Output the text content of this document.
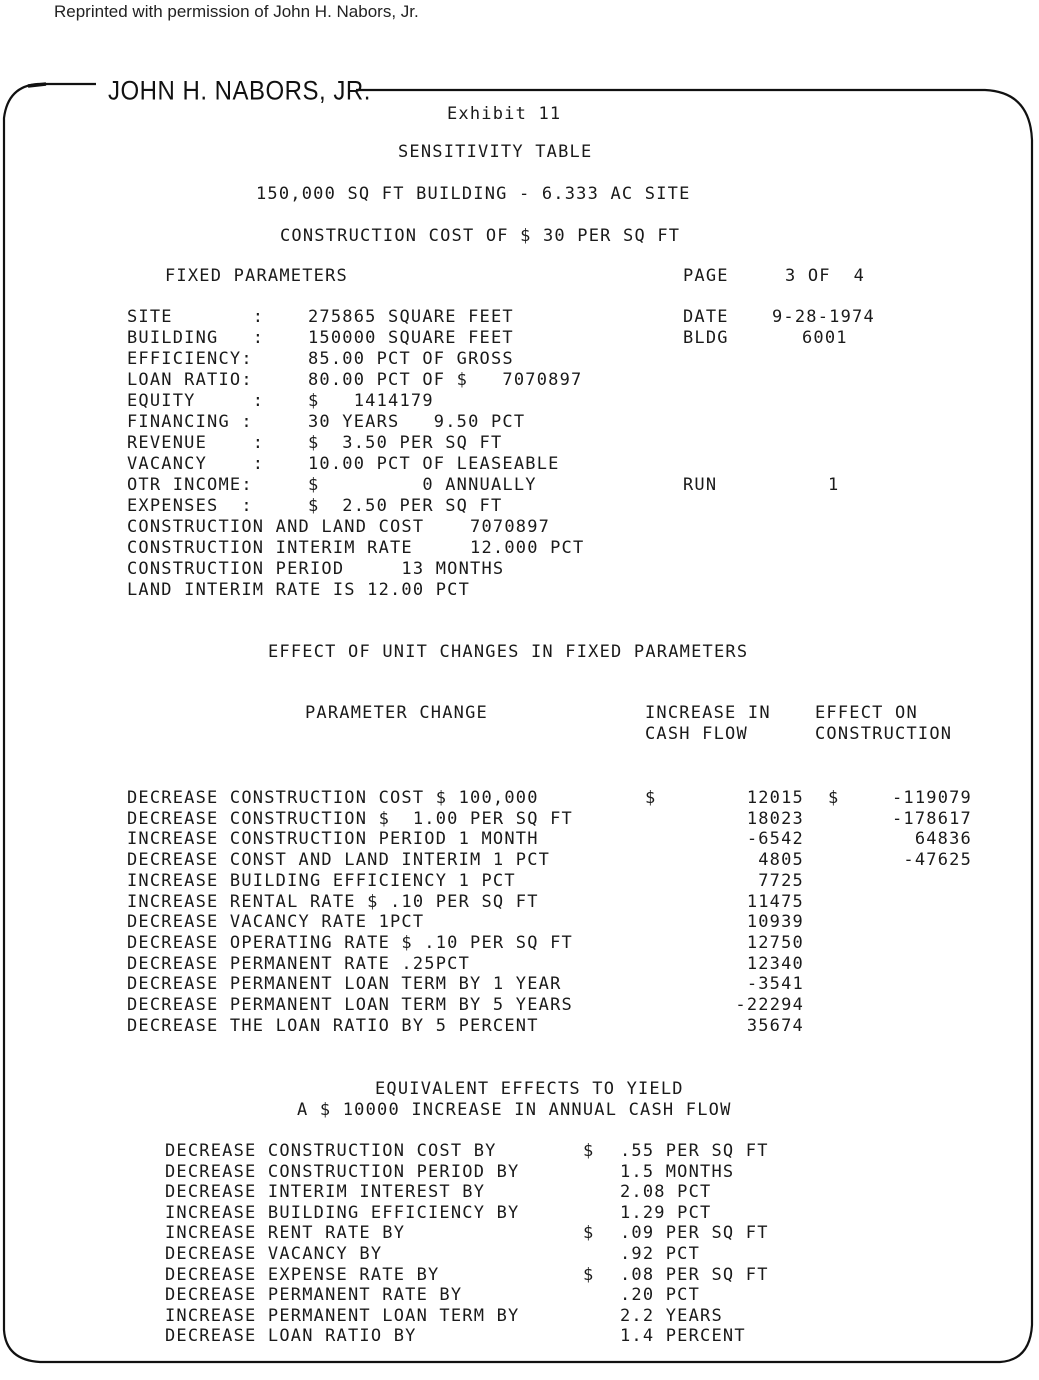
Reprinted with permission of John H. Nabors, Jr.
JOHN H. NABORS, JR.
Exhibit 11
SENSITIVITY TABLE
150,000 SQ FT BUILDING - 6.333 AC SITE
CONSTRUCTION COST OF $ 30 PER SQ FT
FIXED PARAMETERS	PAGE	3 OF  4
SITE       :	275865 SQUARE FEET
BUILDING   :	150000 SQUARE FEET
EFFICIENCY:	85.00 PCT OF GROSS
LOAN RATIO:	80.00 PCT OF $   7070897
EQUITY     :	$   1414179
FINANCING :	30 YEARS   9.50 PCT
REVENUE    :	$  3.50 PER SQ FT
VACANCY    :	10.00 PCT OF LEASEABLE
OTR INCOME:	$         0 ANNUALLY
EXPENSES  :	$  2.50 PER SQ FT
CONSTRUCTION AND LAND COST    7070897
CONSTRUCTION INTERIM RATE     12.000 PCT
CONSTRUCTION PERIOD     13 MONTHS
LAND INTERIM RATE IS 12.00 PCT
DATE	9-28-1974
BLDG	6001
RUN	1
EFFECT OF UNIT CHANGES IN FIXED PARAMETERS
PARAMETER CHANGE	INCREASE IN
CASH FLOW
EFFECT ON
CONSTRUCTION
DECREASE CONSTRUCTION COST $ 100,000	$	12015 $	-119079
DECREASE CONSTRUCTION $  1.00 PER SQ FT	18023	-178617
INCREASE CONSTRUCTION PERIOD 1 MONTH	-6542	64836
DECREASE CONST AND LAND INTERIM 1 PCT	4805	-47625
INCREASE BUILDING EFFICIENCY 1 PCT	7725
INCREASE RENTAL RATE $ .10 PER SQ FT	11475
DECREASE VACANCY RATE 1PCT	10939
DECREASE OPERATING RATE $ .10 PER SQ FT	12750
DECREASE PERMANENT RATE .25PCT	12340
DECREASE PERMANENT LOAN TERM BY 1 YEAR	-3541
DECREASE PERMANENT LOAN TERM BY 5 YEARS	-22294
DECREASE THE LOAN RATIO BY 5 PERCENT	35674
EQUIVALENT EFFECTS TO YIELD
A $ 10000 INCREASE IN ANNUAL CASH FLOW
DECREASE CONSTRUCTION COST BY	$ .55 PER SQ FT
DECREASE CONSTRUCTION PERIOD BY	1.5 MONTHS
DECREASE INTERIM INTEREST BY	2.08 PCT
INCREASE BUILDING EFFICIENCY BY	1.29 PCT
INCREASE RENT RATE BY	$ .09 PER SQ FT
DECREASE VACANCY BY	.92 PCT
DECREASE EXPENSE RATE BY	$ .08 PER SQ FT
DECREASE PERMANENT RATE BY	.20 PCT
INCREASE PERMANENT LOAN TERM BY	2.2 YEARS
DECREASE LOAN RATIO BY	1.4 PERCENT
